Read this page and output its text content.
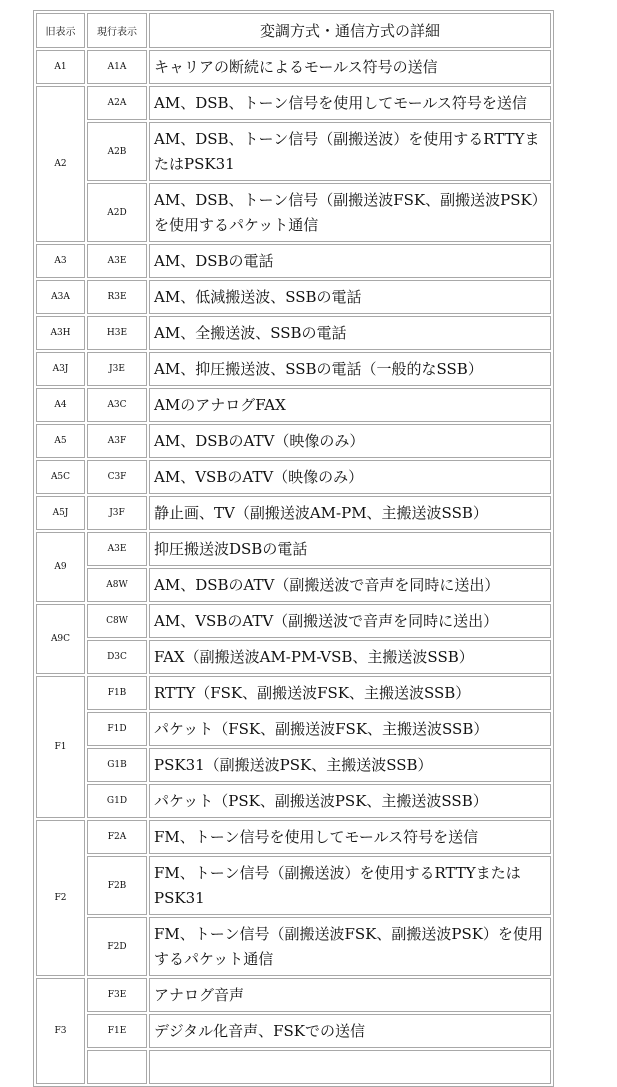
旧表示	現行表示	変調方式・通信方式の詳細
A1	A1A	キャリアの断続によるモールス符号の送信
A2	A2A	AM、DSB、トーン信号を使用してモールス符号を送信
	A2B	AM、DSB、トーン信号（副搬送波）を使用するRTTYまたはPSK31
	A2D	AM、DSB、トーン信号（副搬送波FSK、副搬送波PSK）を使用するパケット通信
A3	A3E	AM、DSBの電話
A3A	R3E	AM、低減搬送波、SSBの電話
A3H	H3E	AM、全搬送波、SSBの電話
A3J	J3E	AM、抑圧搬送波、SSBの電話（一般的なSSB）
A4	A3C	AMのアナログFAX
A5	A3F	AM、DSBのATV（映像のみ）
A5C	C3F	AM、VSBのATV（映像のみ）
A5J	J3F	静止画、TV（副搬送波AM-PM、主搬送波SSB）
A9	A3E	抑圧搬送波DSBの電話
	A8W	AM、DSBのATV（副搬送波で音声を同時に送出）
A9C	C8W	AM、VSBのATV（副搬送波で音声を同時に送出）
	D3C	FAX（副搬送波AM-PM-VSB、主搬送波SSB）
F1	F1B	RTTY（FSK、副搬送波FSK、主搬送波SSB）
	F1D	パケット（FSK、副搬送波FSK、主搬送波SSB）
	G1B	PSK31（副搬送波PSK、主搬送波SSB）
	G1D	パケット（PSK、副搬送波PSK、主搬送波SSB）
F2	F2A	FM、トーン信号を使用してモールス符号を送信
	F2B	FM、トーン信号（副搬送波）を使用するRTTYまたはPSK31
	F2D	FM、トーン信号（副搬送波FSK、副搬送波PSK）を使用するパケット通信
F3	F3E	アナログ音声
	F1E	デジタル化音声、FSKでの送信
